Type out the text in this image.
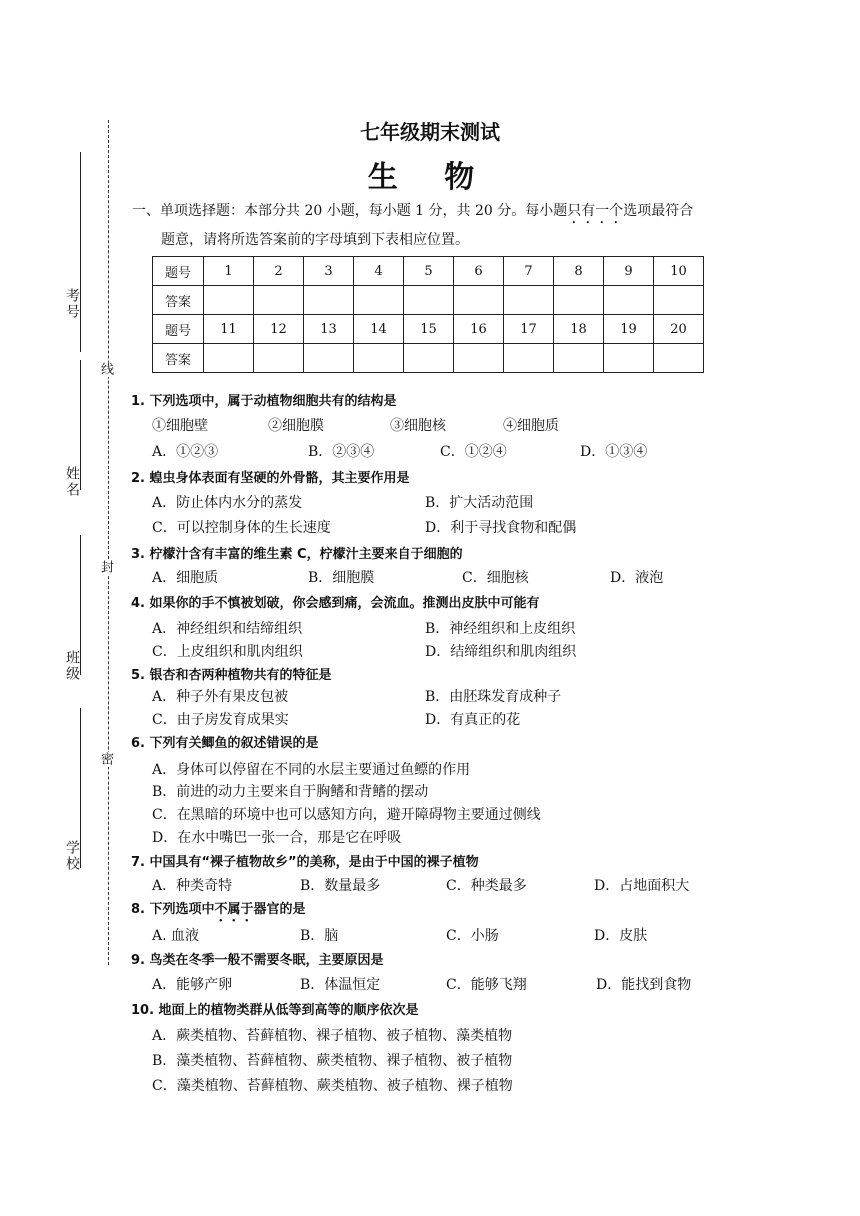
考号
姓名
班级
学校
线
封
密
七年级期末测试
生 物
一、单项选择题：本部分共 20 小题，每小题 1 分，共 20 分。每小题只有一个选项最符合
题意，请将所选答案前的字母填到下表相应位置。
题号	1	2	3	4	5	6	7	8	9	10
答案										
题号	11	12	13	14	15	16	17	18	19	20
答案										
1. 下列选项中，属于动植物细胞共有的结构是
①细胞壁	②细胞膜	③细胞核	④细胞质
A．①②③	B．②③④	C．①②④	D．①③④
2. 蝗虫身体表面有坚硬的外骨骼，其主要作用是
A．防止体内水分的蒸发	B．扩大活动范围
C．可以控制身体的生长速度	D．利于寻找食物和配偶
3. 柠檬汁含有丰富的维生素 C，柠檬汁主要来自于细胞的
A．细胞质	B．细胞膜	C．细胞核	D．液泡
4. 如果你的手不慎被划破，你会感到痛，会流血。推测出皮肤中可能有
A．神经组织和结缔组织	B．神经组织和上皮组织
C．上皮组织和肌肉组织	D．结缔组织和肌肉组织
5. 银杏和杏两种植物共有的特征是
A．种子外有果皮包被	B．由胚珠发育成种子
C．由子房发育成果实	D．有真正的花
6. 下列有关鲫鱼的叙述错误的是
A．身体可以停留在不同的水层主要通过鱼鳔的作用
B．前进的动力主要来自于胸鳍和背鳍的摆动
C．在黑暗的环境中也可以感知方向，避开障碍物主要通过侧线
D．在水中嘴巴一张一合，那是它在呼吸
7. 中国具有“裸子植物故乡”的美称，是由于中国的裸子植物
A．种类奇特	B．数量最多	C．种类最多	D．占地面积大
8. 下列选项中不属于器官的是
A. 血液	B．脑	C．小肠	D．皮肤
9. 鸟类在冬季一般不需要冬眠，主要原因是
A．能够产卵	B．体温恒定	C．能够飞翔	D．能找到食物
10. 地面上的植物类群从低等到高等的顺序依次是
A．蕨类植物、苔藓植物、裸子植物、被子植物、藻类植物
B．藻类植物、苔藓植物、蕨类植物、裸子植物、被子植物
C．藻类植物、苔藓植物、蕨类植物、被子植物、裸子植物
